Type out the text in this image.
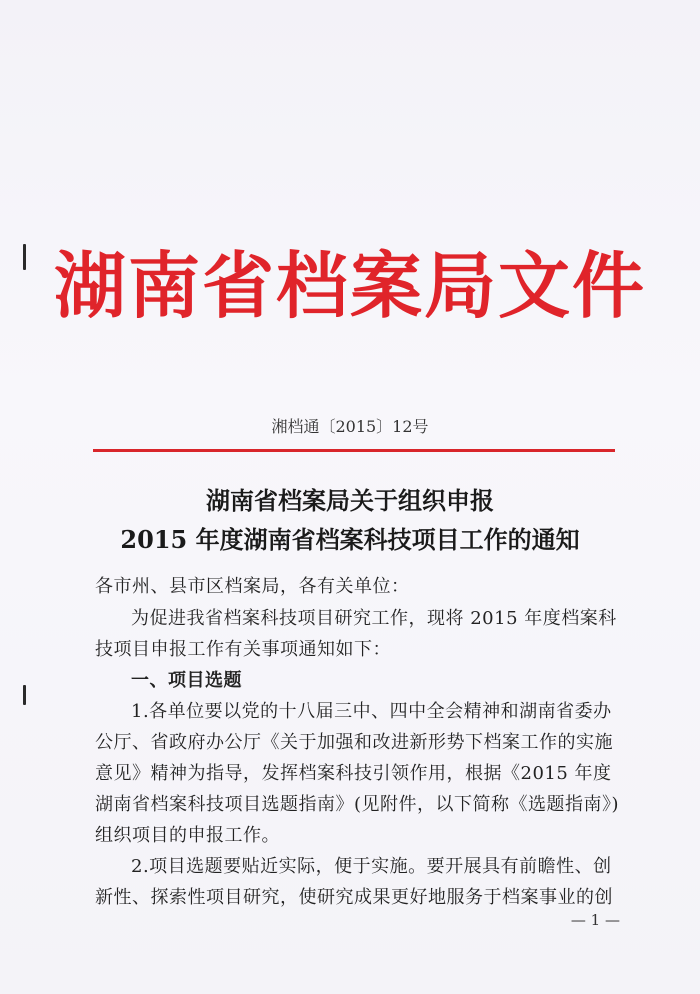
湖南省档案局文件
湘档通〔2015〕12号
湖南省档案局关于组织申报
2015 年度湖南省档案科技项目工作的通知
各市州、县市区档案局，各有关单位：
为促进我省档案科技项目研究工作，现将 2015 年度档案科
技项目申报工作有关事项通知如下：
一、项目选题
1.各单位要以党的十八届三中、四中全会精神和湖南省委办
公厅、省政府办公厅《关于加强和改进新形势下档案工作的实施
意见》精神为指导，发挥档案科技引领作用，根据《2015 年度
湖南省档案科技项目选题指南》(见附件，以下简称《选题指南》)
组织项目的申报工作。
2.项目选题要贴近实际，便于实施。要开展具有前瞻性、创
新性、探索性项目研究，使研究成果更好地服务于档案事业的创
— 1 —
